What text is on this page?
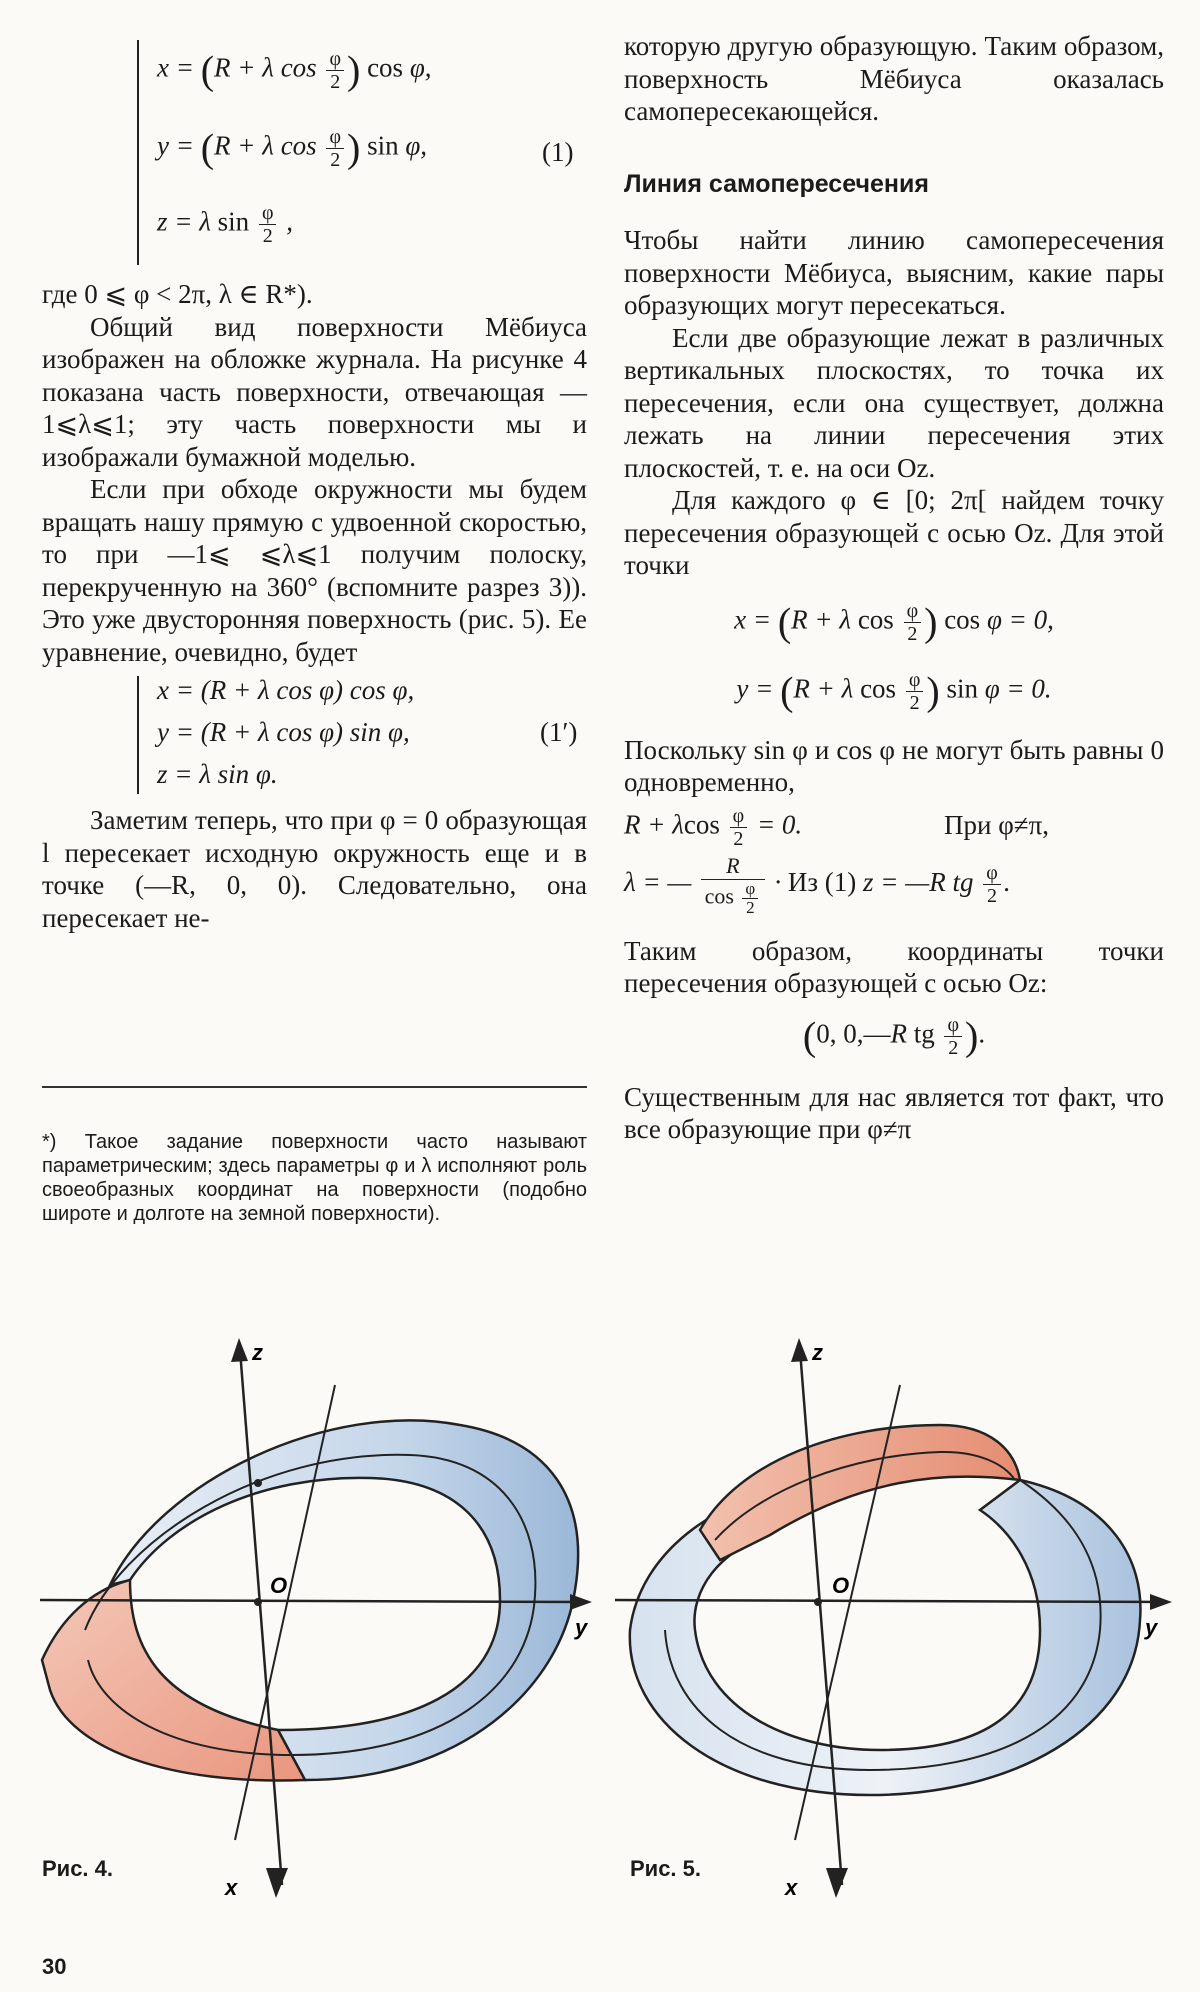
x = (R + λ $\cos \frac{\varphi}{2}$ ) cos φ,
y = (R + λ $\cos \frac{\varphi}{2}$ ) sin φ,	(1)
z = λ $\sin \frac{\varphi}{2}$ ,

где 0 ⩽ φ < 2π, λ ∈ R*).

Общий вид поверхности Мёбиуса изображен на обложке журнала. На рисунке 4 показана часть поверхности, отвечающая —1⩽λ⩽1; эту часть поверхности мы и изображали бумажной моделью.

Если при обходе окружности мы будем вращать нашу прямую с удвоенной скоростью, то при —1⩽ ⩽λ⩽1 получим полоску, перекрученную на 360° (вспомните разрез 3)). Это уже двусторонняя поверхность (рис. 5). Ее уравнение, очевидно, будет

x = (R + λ cos φ) cos φ,
y = (R + λ cos φ) sin φ,	(1′)
z = λ sin φ.

Заметим теперь, что при φ = 0 образующая l пересекает исходную окружность еще и в точке (—R, 0, 0). Следовательно, она пересекает не-

*) Такое задание поверхности часто называют параметрическим; здесь параметры φ и λ исполняют роль своеобразных координат на поверхности (подобно широте и долготе на земной поверхности).

которую другую образующую. Таким образом, поверхность Мёбиуса оказалась самопересекающейся.

Линия самопересечения

Чтобы найти линию самопересечения поверхности Мёбиуса, выясним, какие пары образующих могут пересекаться.

Если две образующие лежат в различных вертикальных плоскостях, то точка их пересечения, если она существует, должна лежать на линии пересечения этих плоскостей, т. е. на оси Oz.

Для каждого φ ∈ [0; 2π[ найдем точку пересечения образующей с осью Oz. Для этой точки

x = (R + λ $\cos \frac{\varphi}{2}$ ) cos φ = 0,
y = (R + λ $\cos \frac{\varphi}{2}$ ) sin φ = 0.

Поскольку sin φ и cos φ не могут быть равны 0 одновременно,

R + λcos $\frac{\varphi}{2} = 0$.	При φ≠π,
λ = — $\frac{R}{\cos \frac{\varphi}{2}}$ · Из (1) z = —R tg $\frac{\varphi}{2}$ .

Таким образом, координаты точки пересечения образующей с осью Oz:

(0, 0,—R tg $\frac{\varphi}{2}$ ).

Существенным для нас является тот факт, что все образующие при φ≠π

z
y
x
O
Рис. 4.
z
y
x
O
Рис. 5.
30
